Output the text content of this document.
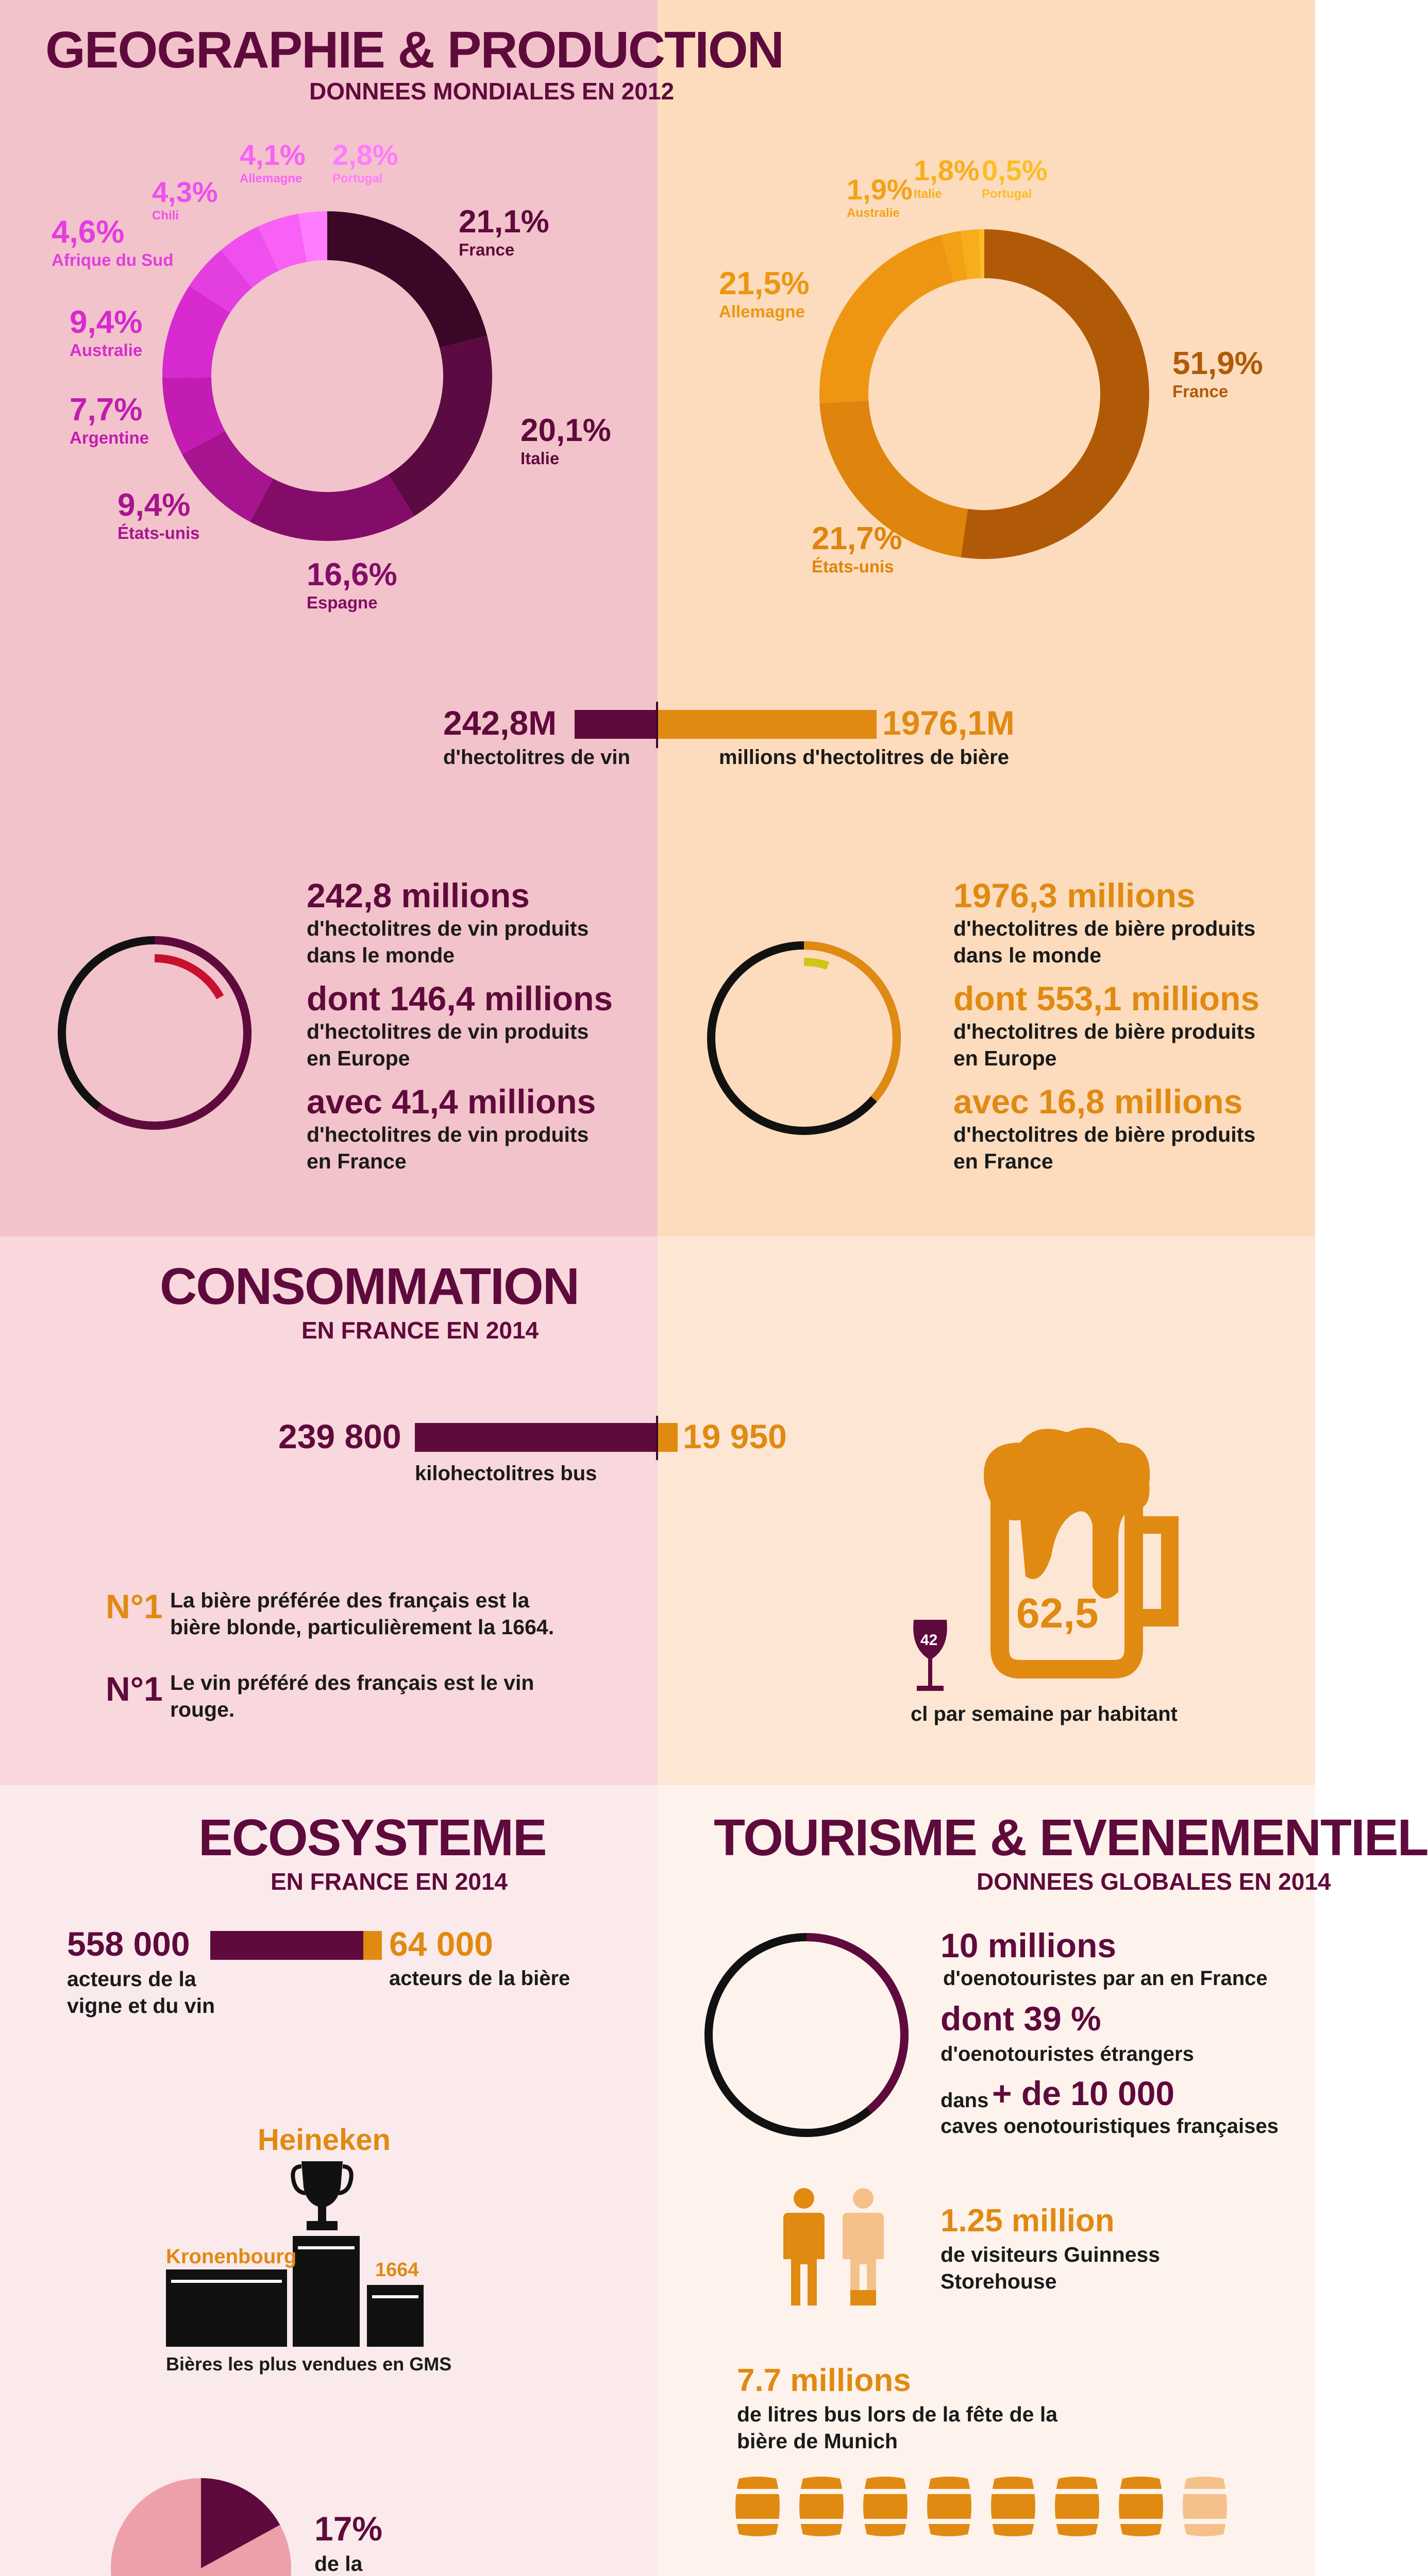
GEOGRAPHIE & PRODUCTION
DONNEES MONDIALES EN 2012
21,1%
France
20,1%
Italie
16,6%
Espagne
9,4%
États-unis
7,7%
Argentine
9,4%
Australie
4,6%
Afrique du Sud
4,3%
Chili
4,1%
Allemagne
2,8%
Portugal
51,9%
France
21,7%
États-unis
21,5%
Allemagne
1,9%
Australie
1,8%
Italie
0,5%
Portugal
242,8M	1976,1M
d'hectolitres de vin	millions d'hectolitres de bière
242,8 millions
d'hectolitres de vin produits dans le monde
dont 146,4 millions
d'hectolitres de vin produits en Europe
avec 41,4 millions
d'hectolitres de vin produits en France
1976,3 millions
d'hectolitres de bière produits dans le monde
dont 553,1 millions
d'hectolitres de bière produits en Europe
avec 16,8 millions
d'hectolitres de bière produits en France
CONSOMMATION
EN FRANCE EN 2014
239 800	19 950
kilohectolitres bus
N°1 La bière préférée des français est la bière blonde, particulièrement la 1664.
N°1 Le vin préféré des français est le vin rouge.
62,5
42
cl par semaine par habitant
ECOSYSTEME
EN FRANCE EN 2014
558 000	64 000
acteurs de la vigne et du vin
acteurs de la bière
Heineken
Kronenbourg
1664
Bières les plus vendues en GMS
17%
de la
TOURISME & EVENEMENTIEL
DONNEES GLOBALES EN 2014
10 millions
d'oenotouristes par an en France
dont 39 %
d'oenotouristes étrangers
dans + de 10 000
caves oenotouristiques françaises
1.25 million
de visiteurs Guinness Storehouse
7.7 millions
de litres bus lors de la fête de la bière de Munich
